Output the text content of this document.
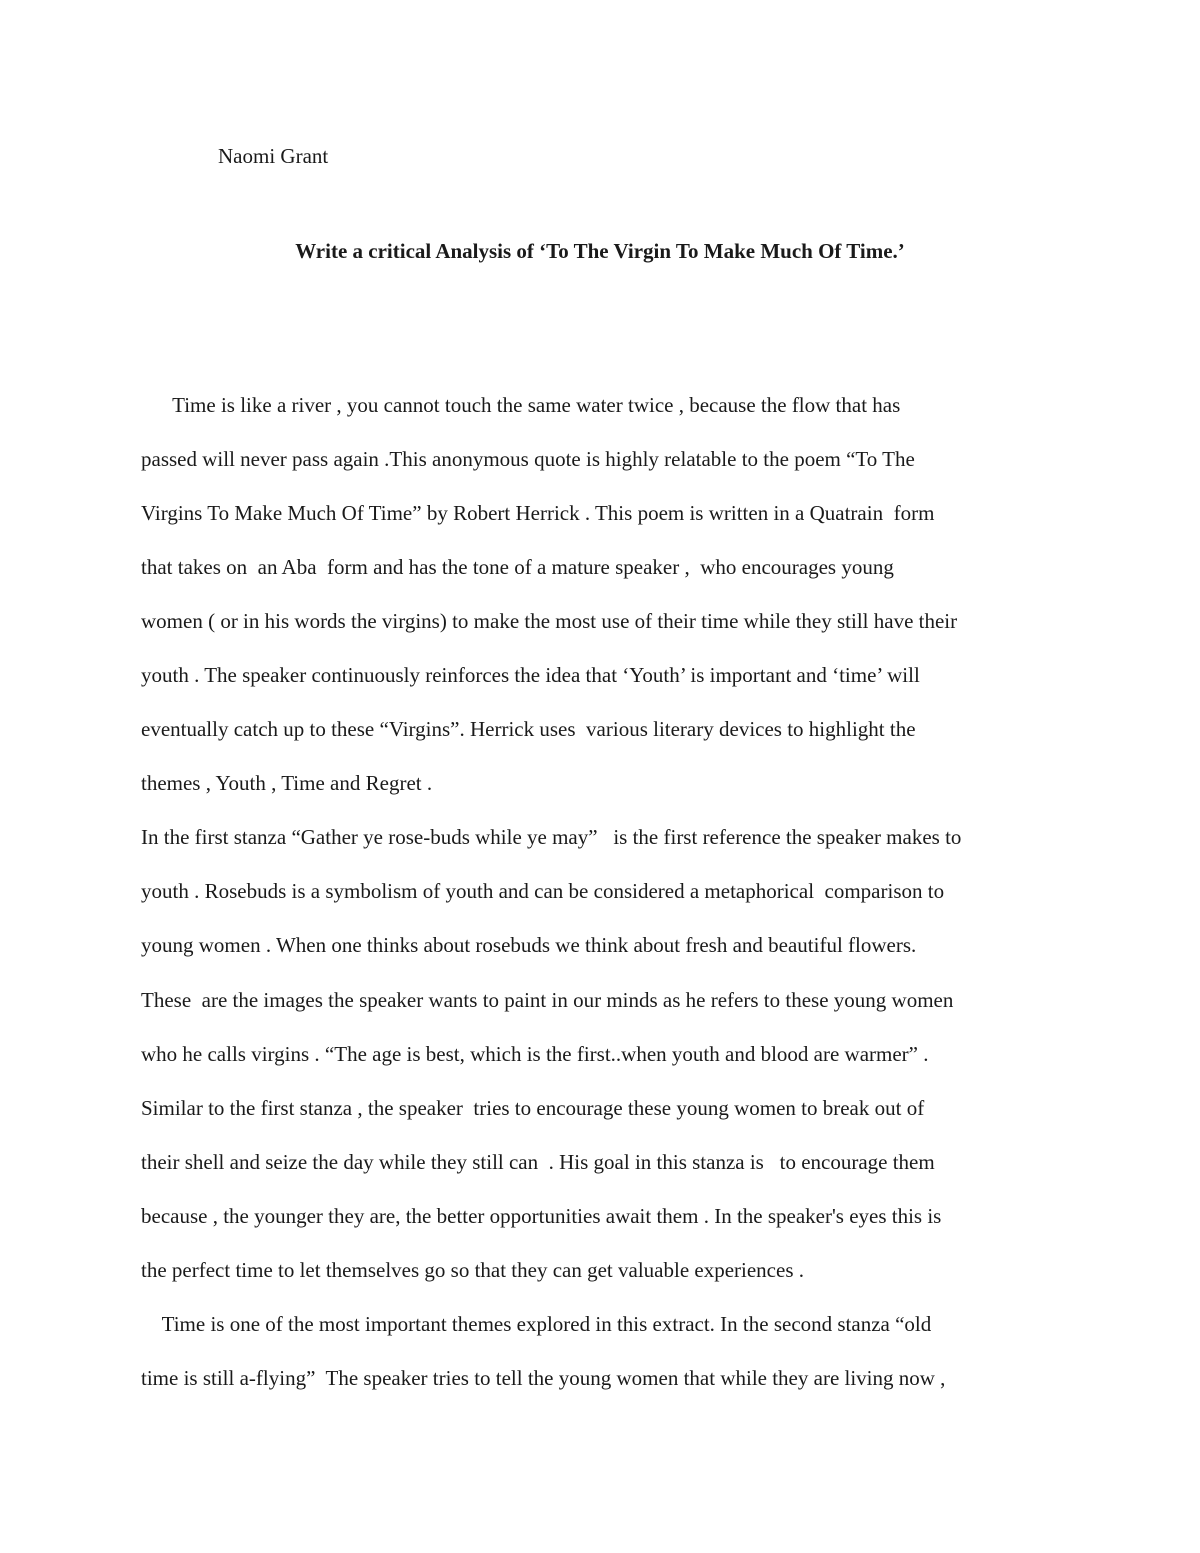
Naomi Grant
Write a critical Analysis of ‘To The Virgin To Make Much Of Time.’
Time is like a river , you cannot touch the same water twice , because the flow that has
passed will never pass again .This anonymous quote is highly relatable to the poem “To The
Virgins To Make Much Of Time” by Robert Herrick . This poem is written in a Quatrain  form
that takes on  an Aba  form and has the tone of a mature speaker ,  who encourages young
women ( or in his words the virgins) to make the most use of their time while they still have their
youth . The speaker continuously reinforces the idea that ‘Youth’ is important and ‘time’ will
eventually catch up to these “Virgins”. Herrick uses  various literary devices to highlight the
themes , Youth , Time and Regret .
In the first stanza “Gather ye rose-buds while ye may”   is the first reference the speaker makes to
youth . Rosebuds is a symbolism of youth and can be considered a metaphorical  comparison to
young women . When one thinks about rosebuds we think about fresh and beautiful flowers.
These  are the images the speaker wants to paint in our minds as he refers to these young women
who he calls virgins . “The age is best, which is the first..when youth and blood are warmer” .
Similar to the first stanza , the speaker  tries to encourage these young women to break out of
their shell and seize the day while they still can  . His goal in this stanza is   to encourage them
because , the younger they are, the better opportunities await them . In the speaker's eyes this is
the perfect time to let themselves go so that they can get valuable experiences .
Time is one of the most important themes explored in this extract. In the second stanza “old
time is still a-flying”  The speaker tries to tell the young women that while they are living now ,
